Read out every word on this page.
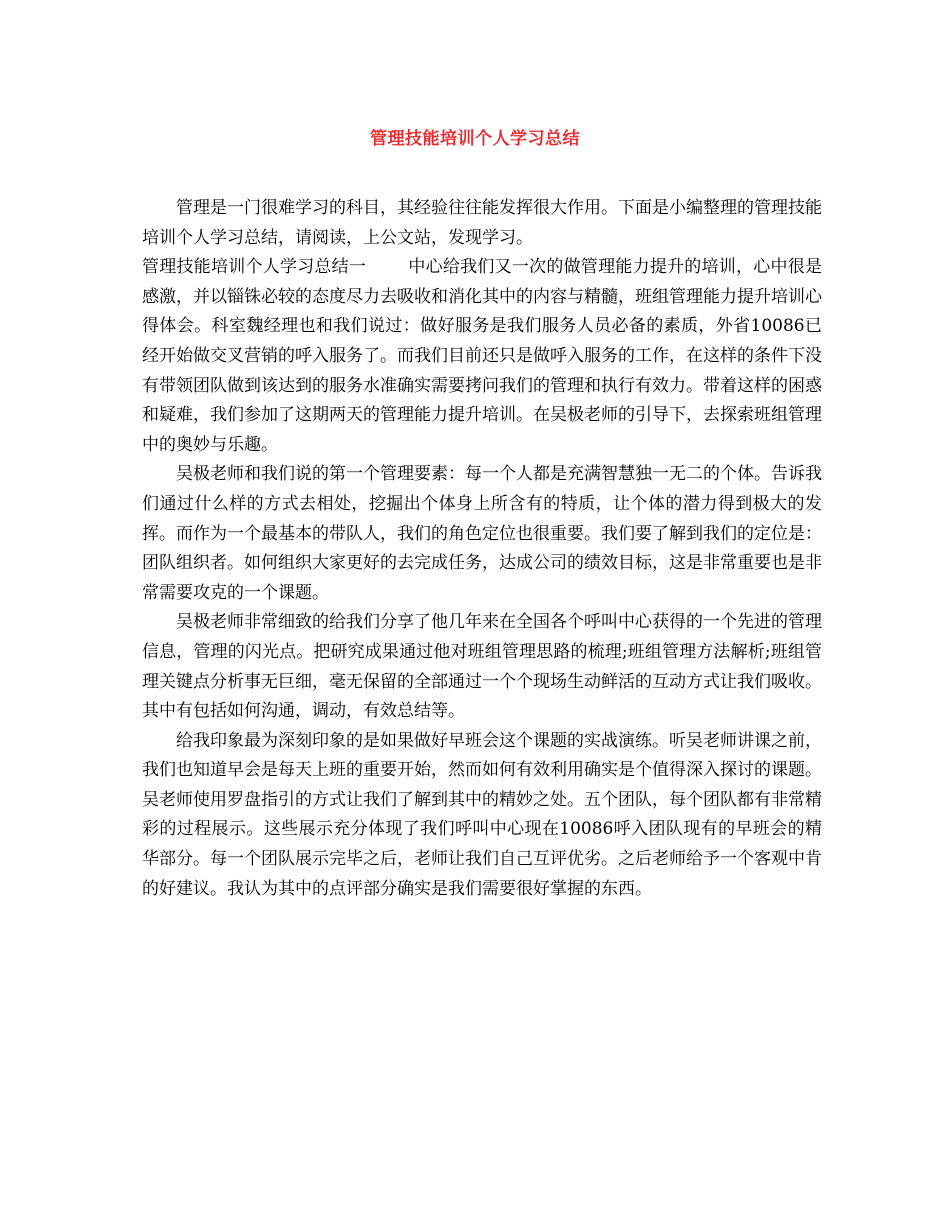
管理技能培训个人学习总结

管理是一门很难学习的科目，其经验往往能发挥很大作用。下面是小编整理的管理技能培训个人学习总结，请阅读，上公文站，发现学习。

管理技能培训个人学习总结一 中心给我们又一次的做管理能力提升的培训，心中很是感激，并以锱铢必较的态度尽力去吸收和消化其中的内容与精髓，班组管理能力提升培训心得体会。科室魏经理也和我们说过：做好服务是我们服务人员必备的素质，外省10086已经开始做交叉营销的呼入服务了。而我们目前还只是做呼入服务的工作，在这样的条件下没有带领团队做到该达到的服务水准确实需要拷问我们的管理和执行有效力。带着这样的困惑和疑难，我们参加了这期两天的管理能力提升培训。在吴极老师的引导下，去探索班组管理中的奥妙与乐趣。

吴极老师和我们说的第一个管理要素：每一个人都是充满智慧独一无二的个体。告诉我们通过什么样的方式去相处，挖掘出个体身上所含有的特质，让个体的潜力得到极大的发挥。而作为一个最基本的带队人，我们的角色定位也很重要。我们要了解到我们的定位是：团队组织者。如何组织大家更好的去完成任务，达成公司的绩效目标，这是非常重要也是非常需要攻克的一个课题。

吴极老师非常细致的给我们分享了他几年来在全国各个呼叫中心获得的一个先进的管理信息，管理的闪光点。把研究成果通过他对班组管理思路的梳理;班组管理方法解析;班组管理关键点分析事无巨细，毫无保留的全部通过一个个现场生动鲜活的互动方式让我们吸收。其中有包括如何沟通，调动，有效总结等。

给我印象最为深刻印象的是如果做好早班会这个课题的实战演练。听吴老师讲课之前，我们也知道早会是每天上班的重要开始，然而如何有效利用确实是个值得深入探讨的课题。吴老师使用罗盘指引的方式让我们了解到其中的精妙之处。五个团队，每个团队都有非常精彩的过程展示。这些展示充分体现了我们呼叫中心现在10086呼入团队现有的早班会的精华部分。每一个团队展示完毕之后，老师让我们自己互评优劣。之后老师给予一个客观中肯的好建议。我认为其中的点评部分确实是我们需要很好掌握的东西。
